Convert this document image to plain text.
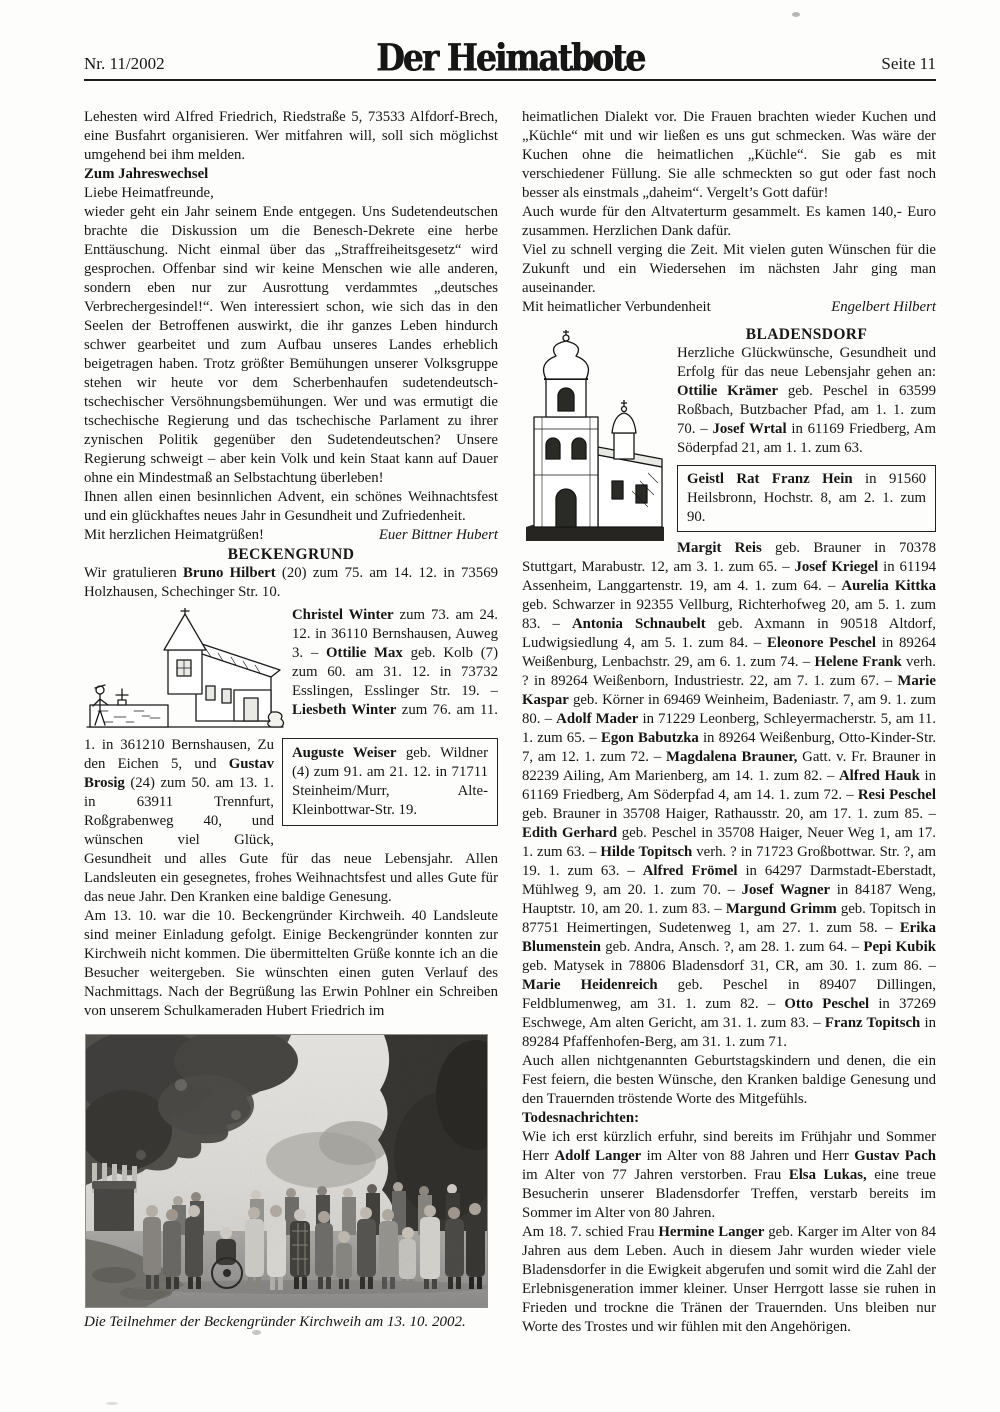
Nr. 11/2002	Der Heimatbote	Seite 11

Lehesten wird Alfred Friedrich, Riedstraße 5, 73533 Alfdorf-Brech, eine Busfahrt organisieren. Wer mitfahren will, soll sich möglichst umgehend bei ihm melden.

Zum Jahreswechsel

Liebe Heimatfreunde,

wieder geht ein Jahr seinem Ende entgegen. Uns Sudetendeutschen brachte die Diskussion um die Benesch-Dekrete eine herbe Enttäuschung. Nicht einmal über das „Straffreiheitsgesetz“ wird gesprochen. Offenbar sind wir keine Menschen wie alle anderen, sondern eben nur zur Ausrottung verdammtes „deutsches Verbrechergesindel!“. Wen interessiert schon, wie sich das in den Seelen der Betroffenen auswirkt, die ihr ganzes Leben hindurch schwer gearbeitet und zum Aufbau unseres Landes erheblich beigetragen haben. Trotz größter Bemühungen unserer Volksgruppe stehen wir heute vor dem Scherbenhaufen sudetendeutsch-tschechischer Versöhnungsbemühungen. Wer und was ermutigt die tschechische Regierung und das tschechische Parlament zu ihrer zynischen Politik gegenüber den Sudetendeutschen? Unsere Regierung schweigt – aber kein Volk und kein Staat kann auf Dauer ohne ein Mindestmaß an Selbstachtung überleben!

Ihnen allen einen besinnlichen Advent, ein schönes Weihnachtsfest und ein glückhaftes neues Jahr in Gesundheit und Zufriedenheit.

Mit herzlichen Heimatgrüßen!	Euer Bittner Hubert

BECKENGRUND

Wir gratulieren Bruno Hilbert (20) zum 75. am 14. 12. in 73569 Holzhausen, Schechinger Str. 10.

Auguste Weiser geb. Wildner (4) zum 91. am 21. 12. in 71711 Steinheim/Murr, Alte-Kleinbottwar-Str. 19.

Christel Winter zum 73. am 24. 12. in 36110 Bernshausen, Auweg 3. – Ottilie Max geb. Kolb (7) zum 60. am 31. 12. in 73732 Esslingen, Esslinger Str. 19. – Liesbeth Winter zum 76. am 11. 1. in 361210 Bernshausen, Zu den Eichen 5, und Gustav Brosig (24) zum 50. am 13. 1. in 63911 Trennfurt, Roßgrabenweg 40, und wünschen viel Glück, Gesundheit und alles Gute für das neue Lebensjahr. Allen Landsleuten ein gesegnetes, frohes Weihnachtsfest und alles Gute für das neue Jahr. Den Kranken eine baldige Genesung.

Am 13. 10. war die 10. Beckengründer Kirchweih. 40 Landsleute sind meiner Einladung gefolgt. Einige Beckengründer konnten zur Kirchweih nicht kommen. Die übermittelten Grüße konnte ich an die Besucher weitergeben. Sie wünschten einen guten Verlauf des Nachmittags. Nach der Begrüßung las Erwin Pohlner ein Schreiben von unserem Schulkameraden Hubert Friedrich im

Die Teilnehmer der Beckengründer Kirchweih am 13. 10. 2002.

heimatlichen Dialekt vor. Die Frauen brachten wieder Kuchen und „Küchle“ mit und wir ließen es uns gut schmecken. Was wäre der Kuchen ohne die heimatlichen „Küchle“. Sie gab es mit verschiedener Füllung. Sie alle schmeckten so gut oder fast noch besser als einstmals „daheim“. Vergelt’s Gott dafür!

Auch wurde für den Altvaterturm gesammelt. Es kamen 140,- Euro zusammen. Herzlichen Dank dafür.

Viel zu schnell verging die Zeit. Mit vielen guten Wünschen für die Zukunft und ein Wiedersehen im nächsten Jahr ging man auseinander.

Mit heimatlicher Verbundenheit	Engelbert Hilbert

BLADENSDORF

Herzliche Glückwünsche, Gesundheit und Erfolg für das neue Lebensjahr gehen an: Ottilie Krämer geb. Peschel in 63599 Roßbach, Butzbacher Pfad, am 1. 1. zum 70. – Josef Wrtal in 61169 Friedberg, Am Söderpfad 21, am 1. 1. zum 63.

Geistl Rat Franz Hein in 91560 Heilsbronn, Hochstr. 8, am 2. 1. zum 90.

Margit Reis geb. Brauner in 70378 Stuttgart, Marabustr. 12, am 3. 1. zum 65. – Josef Kriegel in 61194 Assenheim, Langgartenstr. 19, am 4. 1. zum 64. – Aurelia Kittka geb. Schwarzer in 92355 Vellburg, Richterhofweg 20, am 5. 1. zum 83. – Antonia Schnaubelt geb. Axmann in 90518 Altdorf, Ludwigsiedlung 4, am 5. 1. zum 84. – Eleonore Peschel in 89264 Weißenburg, Lenbachstr. 29, am 6. 1. zum 74. – Helene Frank verh. ? in 89264 Weißenborn, Industriestr. 22, am 7. 1. zum 67. – Marie Kaspar geb. Körner in 69469 Weinheim, Badeniastr. 7, am 9. 1. zum 80. – Adolf Mader in 71229 Leonberg, Schleyermacherstr. 5, am 11. 1. zum 65. – Egon Babutzka in 89264 Weißenburg, Otto-Kinder-Str. 7, am 12. 1. zum 72. – Magdalena Brauner, Gatt. v. Fr. Brauner in 82239 Ailing, Am Marienberg, am 14. 1. zum 82. – Alfred Hauk in 61169 Friedberg, Am Söderpfad 4, am 14. 1. zum 72. – Resi Peschel geb. Brauner in 35708 Haiger, Rathausstr. 20, am 17. 1. zum 85. – Edith Gerhard geb. Peschel in 35708 Haiger, Neuer Weg 1, am 17. 1. zum 63. – Hilde Topitsch verh. ? in 71723 Großbottwar. Str. ?, am 19. 1. zum 63. – Alfred Frömel in 64297 Darmstadt-Eberstadt, Mühlweg 9, am 20. 1. zum 70. – Josef Wagner in 84187 Weng, Hauptstr. 10, am 20. 1. zum 83. – Margund Grimm geb. Topitsch in 87751 Heimertingen, Sudetenweg 1, am 27. 1. zum 58. – Erika Blumenstein geb. Andra, Ansch. ?, am 28. 1. zum 64. – Pepi Kubik geb. Matysek in 78806 Bladensdorf 31, CR, am 30. 1. zum 86. – Marie Heidenreich geb. Peschel in 89407 Dillingen, Feldblumenweg, am 31. 1. zum 82. – Otto Peschel in 37269 Eschwege, Am alten Gericht, am 31. 1. zum 83. – Franz Topitsch in 89284 Pfaffenhofen-Berg, am 31. 1. zum 71.

Auch allen nichtgenannten Geburtstagskindern und denen, die ein Fest feiern, die besten Wünsche, den Kranken baldige Genesung und den Trauernden tröstende Worte des Mitgefühls.

Todesnachrichten:

Wie ich erst kürzlich erfuhr, sind bereits im Frühjahr und Sommer Herr Adolf Langer im Alter von 88 Jahren und Herr Gustav Pach im Alter von 77 Jahren verstorben. Frau Elsa Lukas, eine treue Besucherin unserer Bladensdorfer Treffen, verstarb bereits im Sommer im Alter von 80 Jahren.

Am 18. 7. schied Frau Hermine Langer geb. Karger im Alter von 84 Jahren aus dem Leben. Auch in diesem Jahr wurden wieder viele Bladensdorfer in die Ewigkeit abgerufen und somit wird die Zahl der Erlebnisgeneration immer kleiner. Unser Herrgott lasse sie ruhen in Frieden und trockne die Tränen der Trauernden. Uns bleiben nur Worte des Trostes und wir fühlen mit den Angehörigen.
